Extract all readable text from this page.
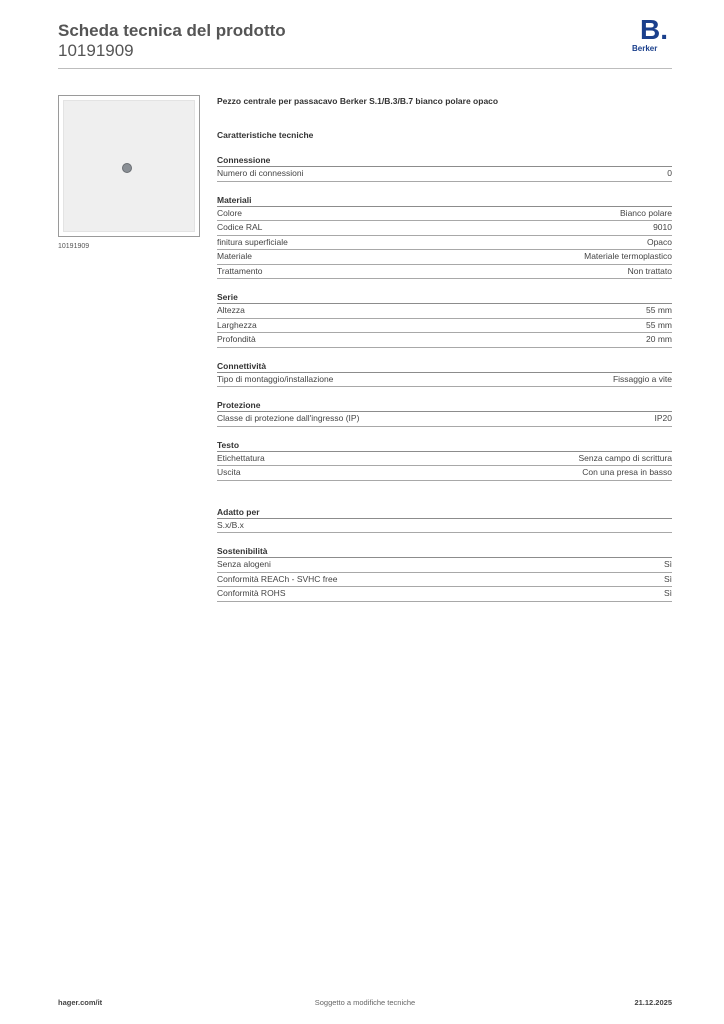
Scheda tecnica del prodotto
10191909
B.
Berker
10191909
Pezzo centrale per passacavo Berker S.1/B.3/B.7 bianco polare opaco
Caratteristiche tecniche
Connessione
Numero di connessioni	0
Materiali
Colore	Bianco polare
Codice RAL	9010
finitura superficiale	Opaco
Materiale	Materiale termoplastico
Trattamento	Non trattato
Serie
Altezza	55 mm
Larghezza	55 mm
Profondità	20 mm
Connettività
Tipo di montaggio/installazione	Fissaggio a vite
Protezione
Classe di protezione dall'ingresso (IP)	IP20
Testo
Etichettatura	Senza campo di scrittura
Uscita	Con una presa in basso
Adatto per
S.x/B.x
Sostenibilità
Senza alogeni	Sì
Conformità REACh - SVHC free	Sì
Conformità ROHS	Sì
hager.com/it	Soggetto a modifiche tecniche	21.12.2025
